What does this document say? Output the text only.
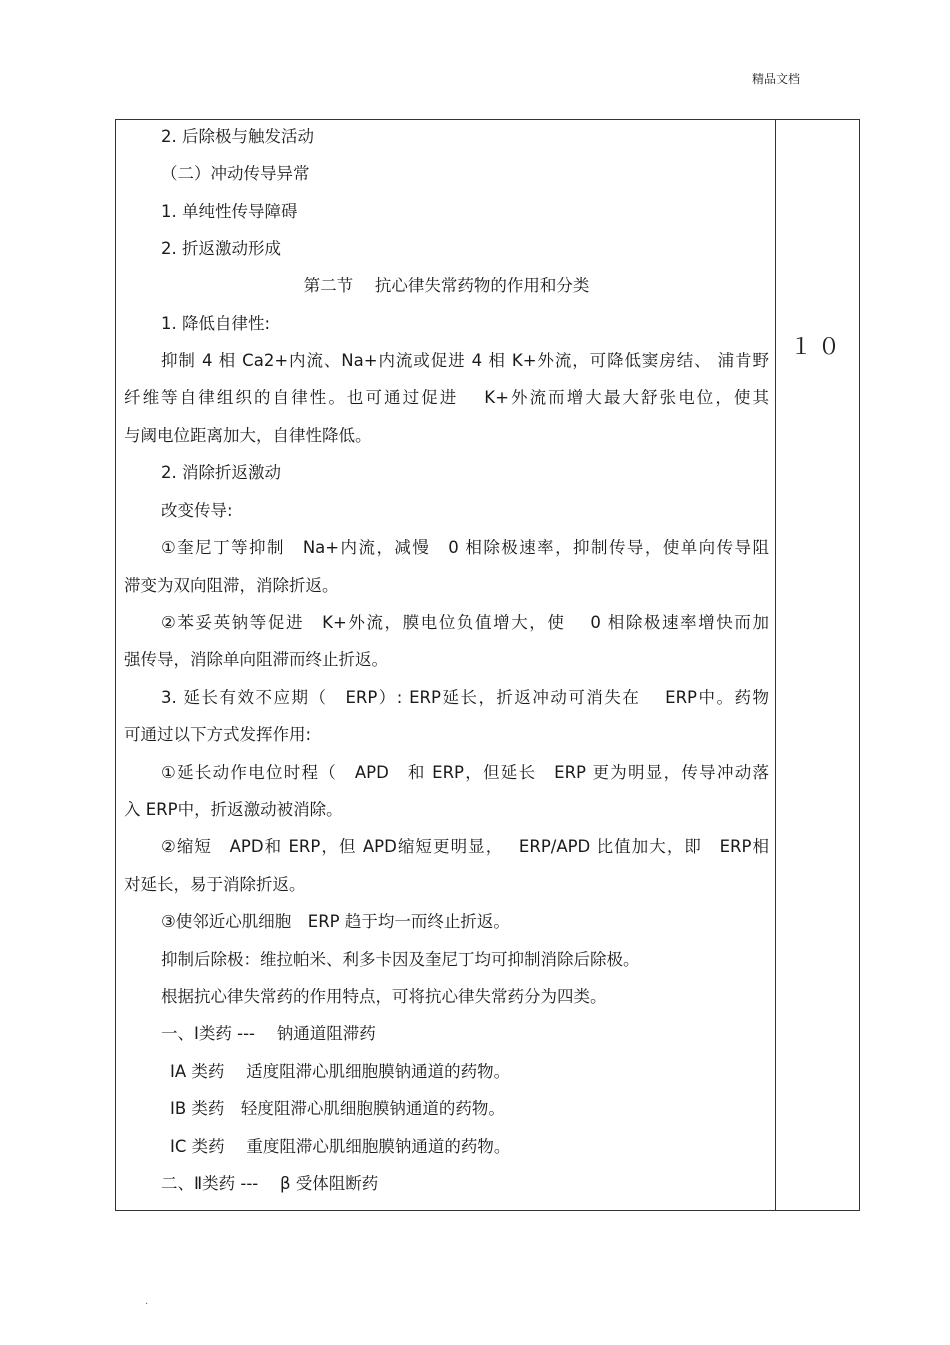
精品文档
2. 后除极与触发活动
（二）冲动传导异常
1. 单纯性传导障碍
2. 折返激动形成
第二节　 抗心律失常药物的作用和分类
1. 降低自律性:
抑制 4 相 Ca2+内流、Na+内流或促进 4 相 K+外流，可降低窦房结、 浦肯野
纤维等自律组织的自律性。也可通过促进　 K+外流而增大最大舒张电位，使其
与阈电位距离加大，自律性降低。
2. 消除折返激动
改变传导:
①奎尼丁等抑制　Na+内流，减慢　0 相除极速率，抑制传导，使单向传导阻
滞变为双向阻滞，消除折返。
②苯妥英钠等促进　K+外流，膜电位负值增大，使　 0 相除极速率增快而加
强传导，消除单向阻滞而终止折返。
3. 延长有效不应期（　ERP）: ERP延长，折返冲动可消失在　 ERP中。药物
可通过以下方式发挥作用:
①延长动作电位时程（　APD　和 ERP，但延长　ERP 更为明显，传导冲动落
入 ERP中，折返激动被消除。
②缩短　APD和 ERP，但 APD缩短更明显，　 ERP/APD 比值加大，即　ERP相
对延长，易于消除折返。
③使邻近心肌细胞　ERP 趋于均一而终止折返。
抑制后除极：维拉帕米、利多卡因及奎尼丁均可抑制消除后除极。
根据抗心律失常药的作用特点，可将抗心律失常药分为四类。
一、Ⅰ类药 ---　 钠通道阻滞药
ⅠA 类药　 适度阻滞心肌细胞膜钠通道的药物。
ⅠB 类药　轻度阻滞心肌细胞膜钠通道的药物。
ⅠC 类药　 重度阻滞心肌细胞膜钠通道的药物。
二、Ⅱ类药 ---　 β 受体阻断药
１０
.
